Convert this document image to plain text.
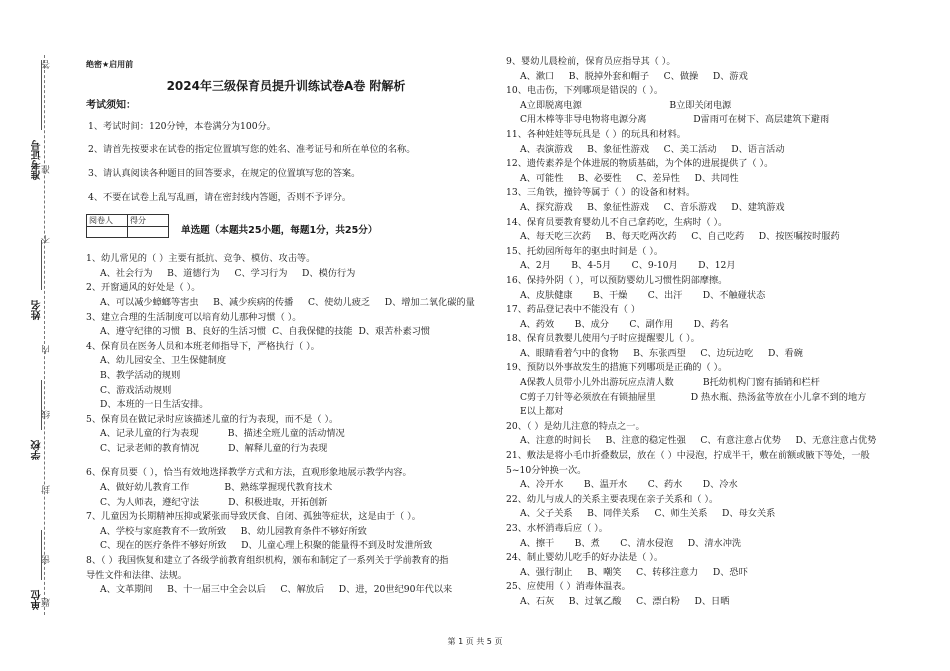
准考证号
姓名
学校
单位
密
封
线
内
不
准
答
题
绝密★启用前
2024年三级保育员提升训练试卷A卷 附解析
考试须知：
1、考试时间：120分钟，本卷满分为100分。
2、请首先按要求在试卷的指定位置填写您的姓名、准考证号和所在单位的名称。
3、请认真阅读各种题目的回答要求，在规定的位置填写您的答案。
4、不要在试卷上乱写乱画，请在密封线内答题，否则不予评分。
阅卷人	得分

单选题（本题共25小题，每题1分，共25分）
1、幼儿常见的（ ）主要有抵抗、竞争、模仿、攻击等。
A、社会行为     B、道德行为     C、学习行为     D、模仿行为
2、开窗通风的好处是（ ）。
A、可以减少蟑螂等害虫     B、减少疾病的传播     C、使幼儿疲乏     D、增加二氧化碳的量
3、建立合理的生活制度可以培育幼儿那种习惯（ ）。
A、遵守纪律的习惯  B、良好的生活习惯  C、自我保健的技能  D、艰苦朴素习惯
4、保育员在医务人员和本班老师指导下，严格执行（ ）。
A、幼儿园安全、卫生保健制度
B、教学活动的规则
C、游戏活动规则
D、本班的一日生活安排。
5、保育员在做记录时应该描述儿童的行为表现，而不是（ ）。
A、记录儿童的行为表现          B、描述全班儿童的活动情况
C、记录老师的教育情况          D、解释儿童的行为表现
6、保育员要（ ），恰当有效地选择教学方式和方法，直观形象地展示教学内容。
A、做好幼儿教育工作            B、熟练掌握现代教育技术
C、为人师表，遵纪守法          D、积极进取，开拓创新
7、儿童因为长期精神压抑或紧张而导致厌食、自闭、孤独等症状，这是由于（ ）。
A、学校与家庭教育不一致所致     B、幼儿园教育条件不够好所致
C、现在的医疗条件不够好所致     D、儿童心理上积聚的能量得不到及时发泄所致
8、（ ）我国恢复和建立了各级学前教育组织机构，颁布和制定了一系列关于学前教育的指
导性文件和法律、法规。
A、文革期间     B、十一届三中全会以后     C、解放后     D、进，20世纪90年代以来
9、婴幼儿晨检前，保育员应指导其（ ）。
A、漱口     B、脱掉外套和帽子     C、做操     D、游戏
10、电击伤，下列哪项是错误的（ ）。
A立即脱离电源                              B立即关闭电源
C用木棒等非导电物将电源分离                D雷雨可在树下、高层建筑下避雨
11、各种娃娃等玩具是（ ）的玩具和材料。
A、表演游戏     B、象征性游戏     C、美工活动     D、语言活动
12、遗传素养是个体进展的物质基础，为个体的进展提供了（ ）。
A、可能性     B、必要性     C、差异性     D、共同性
13、三角铁，撞铃等属于（ ）的设备和材料。
A、探究游戏     B、象征性游戏     C、音乐游戏     D、建筑游戏
14、保育员要教育婴幼儿不自己拿药吃，生病时（ ）。
A、每天吃三次药     B、每天吃两次药     C、自己吃药     D、按医嘱按时服药
15、托幼园所每年的驱虫时间是（ ）。
A、2月       B、4-5月       C、9-10月       D、12月
16、保持外阴（ ），可以预防婴幼儿习惯性阴部摩擦。
A、皮肤健康       B、干燥       C、出汗       D、不触碰状态
17、药品登记表中不能没有（ ）
A、药效       B、成分       C、副作用       D、药名
18、保育员教婴儿使用勺子时应提醒婴儿（ ）。
A、眼睛看着勺中的食物     B、东张西望     C、边玩边吃     D、看碗
19、预防以外事故发生的措施下列哪项是正确的（ ）。
A保教人员带小儿外出游玩应点清人数          B托幼机构门窗有插销和栏杆
C剪子刀针等必须放在有锁抽屉里            D 热水瓶、热汤盆等放在小儿拿不到的地方
E以上都对
20、（ ）是幼儿注意的特点之一。
A、注意的时间长     B、注意的稳定性强     C、有意注意占优势     D、无意注意占优势
21、敷法是将小毛巾折叠数层，放在（ ）中浸泡，拧成半干，敷在前额或腋下等处，一般
5~10分钟换一次。
A、冷开水       B、温开水       C、药水       D、冷水
22、幼儿与成人的关系主要表现在亲子关系和（ ）。
A、父子关系     B、同伴关系     C、师生关系     D、母女关系
23、水杯消毒后应（ ）。
A、擦干       B、煮       C、清水侵泡     D、清水冲洗
24、制止婴幼儿吃手的好办法是（ ）。
A、强行制止     B、嘲笑     C、转移注意力     D、恐吓
25、应使用（ ）消毒体温表。
A、石灰     B、过氧乙酸     C、漂白粉     D、日晒
第 1 页 共 5 页
